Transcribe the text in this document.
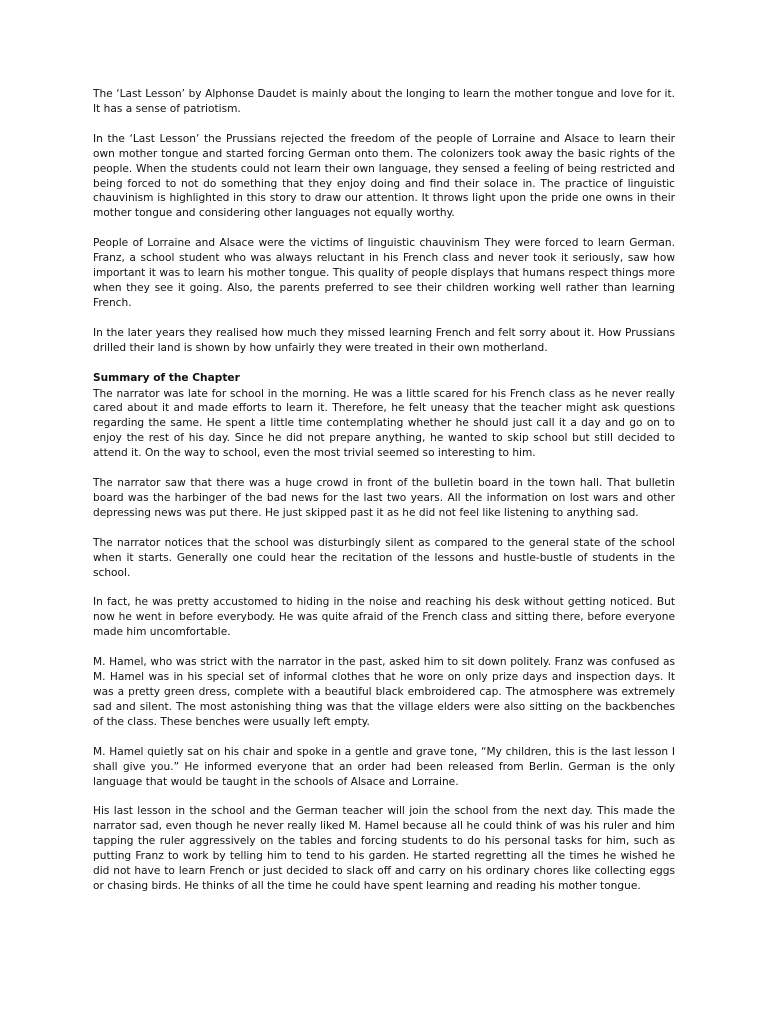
The ‘Last Lesson’ by Alphonse Daudet is mainly about the longing to learn the mother tongue and love for it. It has a sense of patriotism.

In the ‘Last Lesson’ the Prussians rejected the freedom of the people of Lorraine and Alsace to learn their own mother tongue and started forcing German onto them. The colonizers took away the basic rights of the people. When the students could not learn their own language, they sensed a feeling of being restricted and being forced to not do something that they enjoy doing and find their solace in. The practice of linguistic chauvinism is highlighted in this story to draw our attention. It throws light upon the pride one owns in their mother tongue and considering other languages not equally worthy.

People of Lorraine and Alsace were the victims of linguistic chauvinism They were forced to learn German. Franz, a school student who was always reluctant in his French class and never took it seriously, saw how important it was to learn his mother tongue. This quality of people displays that humans respect things more when they see it going. Also, the parents preferred to see their children working well rather than learning French.

In the later years they realised how much they missed learning French and felt sorry about it. How Prussians drilled their land is shown by how unfairly they were treated in their own motherland.

Summary of the Chapter

The narrator was late for school in the morning. He was a little scared for his French class as he never really cared about it and made efforts to learn it. Therefore, he felt uneasy that the teacher might ask questions regarding the same. He spent a little time contemplating whether he should just call it a day and go on to enjoy the rest of his day. Since he did not prepare anything, he wanted to skip school but still decided to attend it. On the way to school, even the most trivial seemed so interesting to him.

The narrator saw that there was a huge crowd in front of the bulletin board in the town hall. That bulletin board was the harbinger of the bad news for the last two years. All the information on lost wars and other depressing news was put there. He just skipped past it as he did not feel like listening to anything sad.

The narrator notices that the school was disturbingly silent as compared to the general state of the school when it starts. Generally one could hear the recitation of the lessons and hustle-bustle of students in the school.

In fact, he was pretty accustomed to hiding in the noise and reaching his desk without getting noticed. But now he went in before everybody. He was quite afraid of the French class and sitting there, before everyone made him uncomfortable.

M. Hamel, who was strict with the narrator in the past, asked him to sit down politely. Franz was confused as M. Hamel was in his special set of informal clothes that he wore on only prize days and inspection days. It was a pretty green dress, complete with a beautiful black embroidered cap. The atmosphere was extremely sad and silent. The most astonishing thing was that the village elders were also sitting on the backbenches of the class. These benches were usually left empty.

M. Hamel quietly sat on his chair and spoke in a gentle and grave tone, “My children, this is the last lesson I shall give you.” He informed everyone that an order had been released from Berlin. German is the only language that would be taught in the schools of Alsace and Lorraine.

His last lesson in the school and the German teacher will join the school from the next day. This made the narrator sad, even though he never really liked M. Hamel because all he could think of was his ruler and him tapping the ruler aggressively on the tables and forcing students to do his personal tasks for him, such as putting Franz to work by telling him to tend to his garden. He started regretting all the times he wished he did not have to learn French or just decided to slack off and carry on his ordinary chores like collecting eggs or chasing birds. He thinks of all the time he could have spent learning and reading his mother tongue.
